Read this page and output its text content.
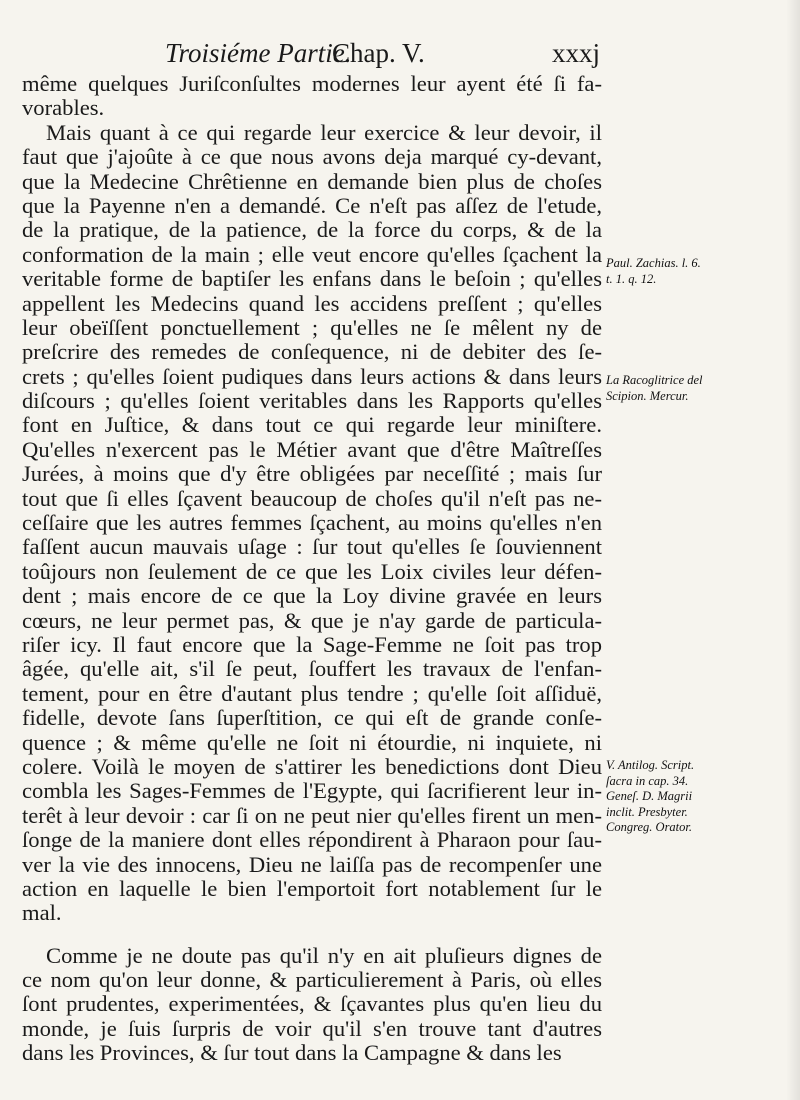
Troisiéme Partie.
Chap. V.	xxxj
même quelques Juriſconſultes modernes leur ayent été ſi fa-
vorables.
Mais quant à ce qui regarde leur exercice & leur devoir, il
faut que j'ajoûte à ce que nous avons deja marqué cy-devant,
que la Medecine Chrêtienne en demande bien plus de choſes
que la Payenne n'en a demandé. Ce n'eſt pas aſſez de l'etude,
de la pratique, de la patience, de la force du corps, & de la
conformation de la main ; elle veut encore qu'elles ſçachent la
veritable forme de baptiſer les enfans dans le beſoin ; qu'elles
appellent les Medecins quand les accidens preſſent ; qu'elles
leur obeïſſent ponctuellement ; qu'elles ne ſe mêlent ny de
preſcrire des remedes de conſequence, ni de debiter des ſe-
crets ; qu'elles ſoient pudiques dans leurs actions & dans leurs
diſcours ; qu'elles ſoient veritables dans les Rapports qu'elles
font en Juſtice, & dans tout ce qui regarde leur miniſtere.
Qu'elles n'exercent pas le Métier avant que d'être Maîtreſſes
Jurées, à moins que d'y être obligées par neceſſité ; mais ſur
tout que ſi elles ſçavent beaucoup de choſes qu'il n'eſt pas ne-
ceſſaire que les autres femmes ſçachent, au moins qu'elles n'en
faſſent aucun mauvais uſage : ſur tout qu'elles ſe ſouviennent
toûjours non ſeulement de ce que les Loix civiles leur défen-
dent ; mais encore de ce que la Loy divine gravée en leurs
cœurs, ne leur permet pas, & que je n'ay garde de particula-
riſer icy. Il faut encore que la Sage-Femme ne ſoit pas trop
âgée, qu'elle ait, s'il ſe peut, ſouffert les travaux de l'enfan-
tement, pour en être d'autant plus tendre ; qu'elle ſoit aſſiduë,
fidelle, devote ſans ſuperſtition, ce qui eſt de grande conſe-
quence ; & même qu'elle ne ſoit ni étourdie, ni inquiete, ni
colere. Voilà le moyen de s'attirer les benedictions dont Dieu
combla les Sages-Femmes de l'Egypte, qui ſacrifierent leur in-
terêt à leur devoir : car ſi on ne peut nier qu'elles firent un men-
ſonge de la maniere dont elles répondirent à Pharaon pour ſau-
ver la vie des innocens, Dieu ne laiſſa pas de recompenſer une
action en laquelle le bien l'emportoit fort notablement ſur le
mal.
Comme je ne doute pas qu'il n'y en ait pluſieurs dignes de
ce nom qu'on leur donne, & particulierement à Paris, où elles
ſont prudentes, experimentées, & ſçavantes plus qu'en lieu du
monde, je ſuis ſurpris de voir qu'il s'en trouve tant d'autres
dans les Provinces, & ſur tout dans la Campagne & dans les
Paul. Zachias. l. 6.
t. 1. q. 12.
La Racoglitrice del
Scipion. Mercur.
V. Antilog. Script.
ſacra in cap. 34.
Geneſ. D. Magrii
inclit. Presbyter.
Congreg. Orator.
